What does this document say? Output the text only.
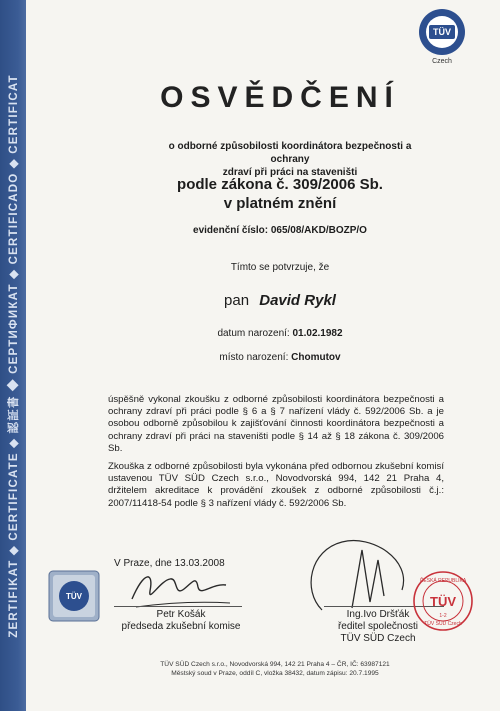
ZERTIFIKAT ◆ CERTIFICATE ◆ 認証書 ◆ СЕРТИФИКАТ ◆ CERTIFICADO ◆ CERTIFICAT
TÜV
Czech
OSVĚDČENÍ
o odborné způsobilosti koordinátora bezpečnosti a ochrany
zdraví při práci na staveništi
podle zákona č. 309/2006 Sb.
v platném znění
evidenční číslo: 065/08/AKD/BOZP/O
Tímto se potvrzuje, že
pan David Rykl
datum narození: 01.02.1982
místo narození: Chomutov
úspěšně vykonal zkoušku z odborné způsobilosti koordinátora bezpečnosti a ochrany zdraví při práci podle § 6 a § 7 nařízení vlády č. 592/2006 Sb. a je osobou odborně způsobilou k zajišťování činnosti koordinátora bezpečnosti a ochrany zdraví při práci na staveništi podle § 14 až § 18 zákona č. 309/2006 Sb.
Zkouška z odborné způsobilosti byla vykonána před odbornou zkušební komisí ustavenou TÜV SÜD Czech s.r.o., Novodvorská 994, 142 21 Praha 4, držitelem akreditace k provádění zkoušek z odborné způsobilosti č.j.: 2007/11418-54 podle § 3 nařízení vlády č. 592/2006 Sb.
V Praze, dne 13.03.2008
Petr Košák
předseda zkušební komise
Ing.Ivo Dršťák
ředitel společnosti
TÜV SÜD Czech
TÜV	TÜV
ČESKÁ REPUBLIKA
TÜV SÜD Czech
1-2
TÜV SÜD Czech s.r.o., Novodvorská 994, 142 21 Praha 4 – ČR, IČ: 63987121
Městský soud v Praze, oddíl C, vložka 38432, datum zápisu: 20.7.1995
